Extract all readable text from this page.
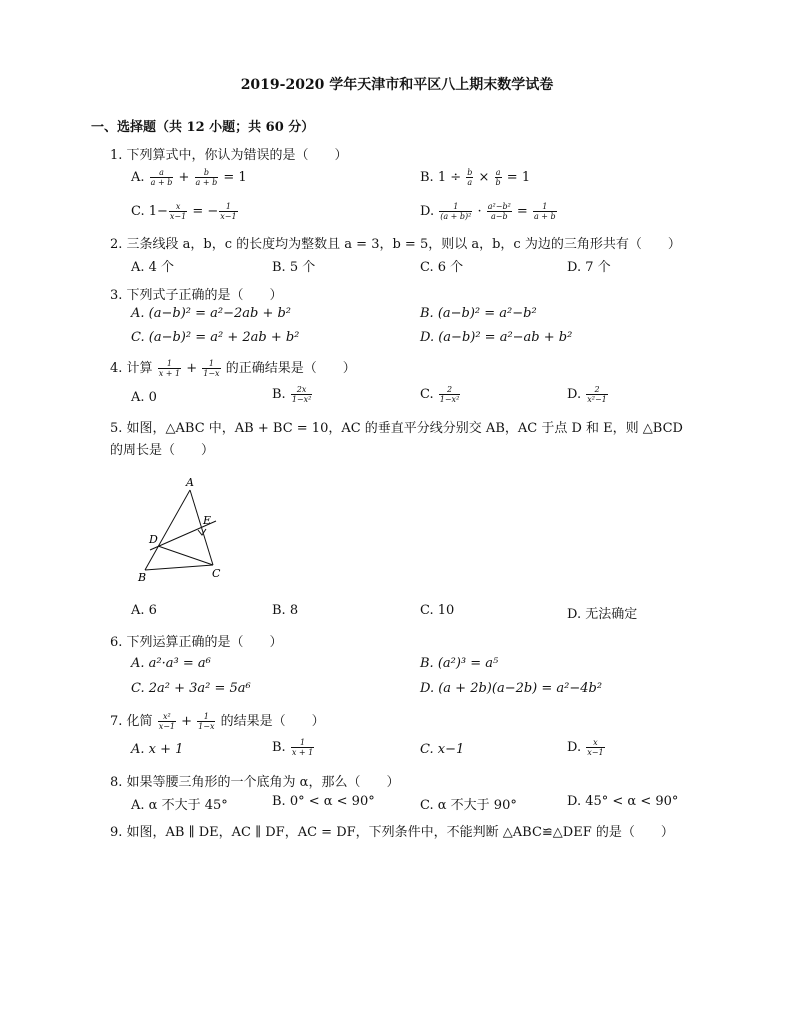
2019-2020 学年天津市和平区八上期末数学试卷
一、选择题（共 12 小题；共 60 分）
1. 下列算式中，你认为错误的是（　　）
A. $\frac{a}{a + b} + \frac{b}{a + b} = 1$	B. $1 \div \frac{b}{a} \times \frac{a}{b} = 1$
C. $1- \frac{x}{x-1}$ = − $\frac{1}{x-1}$	D. $\frac{1}{\text{(a + b)²}} \cdot \frac{\text{a²−b²}}{a-b} = \frac{1}{a + b}$
2. 三条线段 a，b，c 的长度均为整数且 a = 3，b = 5，则以 a，b，c 为边的三角形共有（　　）
A. 4 个	B. 5 个	C. 6 个	D. 7 个
3. 下列式子正确的是（　　）
A. (a−b)² = a²−2ab + b²	B. (a−b)² = a²−b²
C. (a−b)² = a² + 2ab + b²	D. (a−b)² = a²−ab + b²
4. 计算 $\frac{1}{x + 1} + \frac{1}{1-x}$ 的正确结果是（　　）
A. 0	B. $\frac{2x}{\text{1−x²}}$	C. $\frac{2}{\text{1−x²}}$	D. $\frac{2}{\text{x²−1}}$
5. 如图，△ABC 中，AB + BC = 10，AC 的垂直平分线分别交 AB，AC 于点 D 和 E，则 △BCD 的周长是（　　）
A
E
D
B	C
A. 6	B. 8	C. 10	D. 无法确定
6. 下列运算正确的是（　　）
A. a²·a³ = a⁶	B. (a²)³ = a⁵
C. 2a² + 3a² = 5a⁶	D. (a + 2b)(a−2b) = a²−4b²
7. 化简 $\frac{\text{x²}}{x-1} + \frac{1}{1-x}$ 的结果是（　　）
A. x + 1	B. $\frac{1}{x + 1}$	C. x−1	D. $\frac{x}{x-1}$
8. 如果等腰三角形的一个底角为 α，那么（　　）
A. α 不大于 45°	B. 0° < α < 90°	C. α 不大于 90°	D. 45° < α < 90°
9. 如图，AB ∥ DE，AC ∥ DF，AC = DF，下列条件中，不能判断 △ABC≌△DEF 的是（　　）
